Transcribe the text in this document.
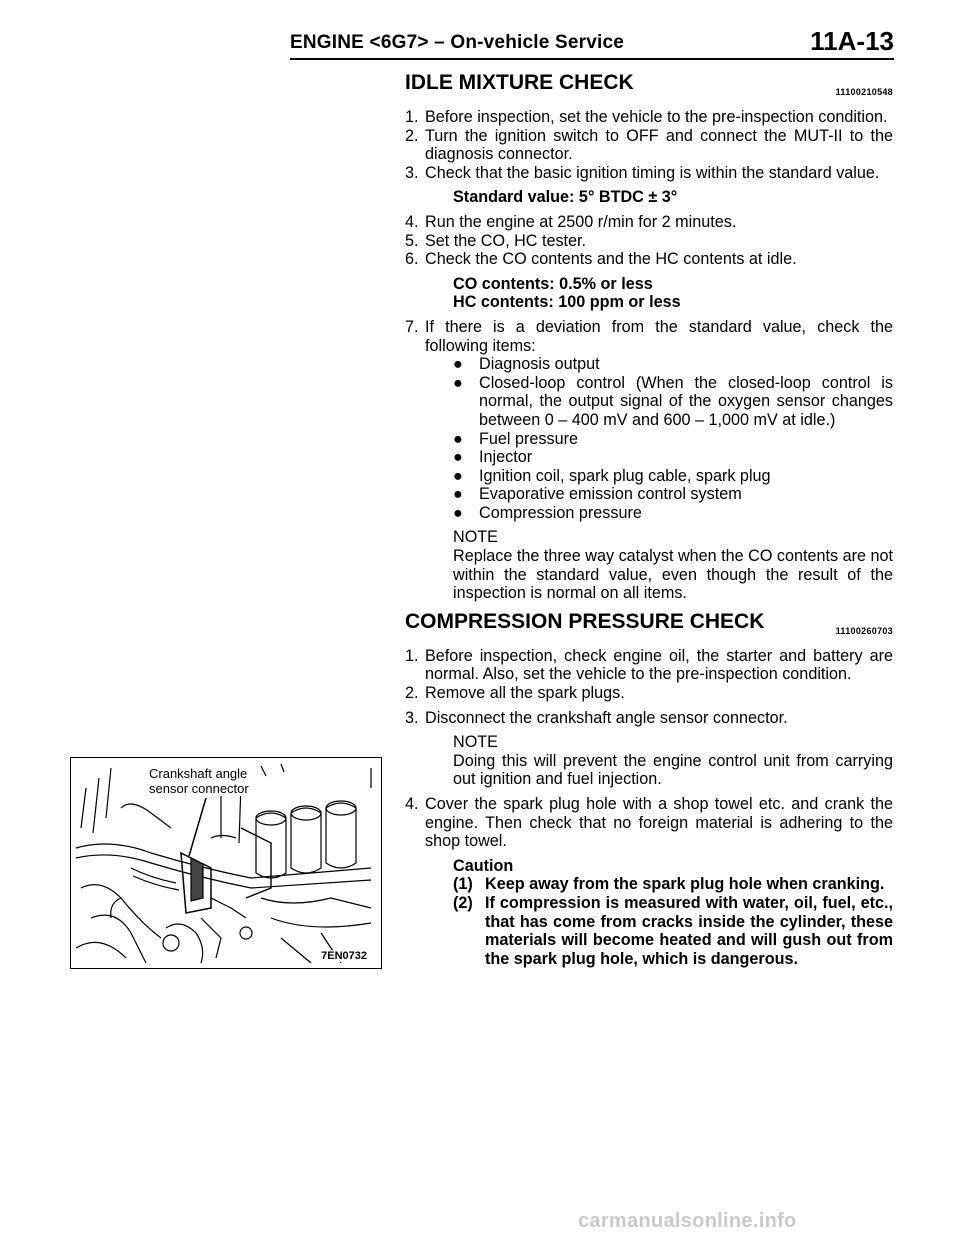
ENGINE <6G7> – On-vehicle Service	11A-13
IDLE MIXTURE CHECK	11100210548
1. Before inspection, set the vehicle to the pre-inspection condition.
2. Turn the ignition switch to OFF and connect the MUT-II to the diagnosis connector.
3. Check that the basic ignition timing is within the standard value.
Standard value: 5° BTDC ± 3°
4. Run the engine at 2500 r/min for 2 minutes.
5. Set the CO, HC tester.
6. Check the CO contents and the HC contents at idle.
CO contents: 0.5% or less
HC contents: 100 ppm or less
7. If there is a deviation from the standard value, check the following items:
●	Diagnosis output
●	Closed-loop control (When the closed-loop control is normal, the output signal of the oxygen sensor changes between 0 – 400 mV and 600 – 1,000 mV at idle.)
●	Fuel pressure
●	Injector
●	Ignition coil, spark plug cable, spark plug
●	Evaporative emission control system
●	Compression pressure
NOTE
Replace the three way catalyst when the CO contents are not within the standard value, even though the result of the inspection is normal on all items.
COMPRESSION PRESSURE CHECK	11100260703
1. Before inspection, check engine oil, the starter and battery are normal. Also, set the vehicle to the pre-inspection condition.
2. Remove all the spark plugs.
3. Disconnect the crankshaft angle sensor connector.
NOTE
Doing this will prevent the engine control unit from carrying out ignition and fuel injection.
4. Cover the spark plug hole with a shop towel etc. and crank the engine. Then check that no foreign material is adhering to the shop towel.
Caution
(1) Keep away from the spark plug hole when cranking.
(2) If compression is measured with water, oil, fuel, etc., that has come from cracks inside the cylinder, these materials will become heated and will gush out from the spark plug hole, which is dangerous.
Crankshaft angle
sensor connector
7EN0732
carmanualsonline.info
